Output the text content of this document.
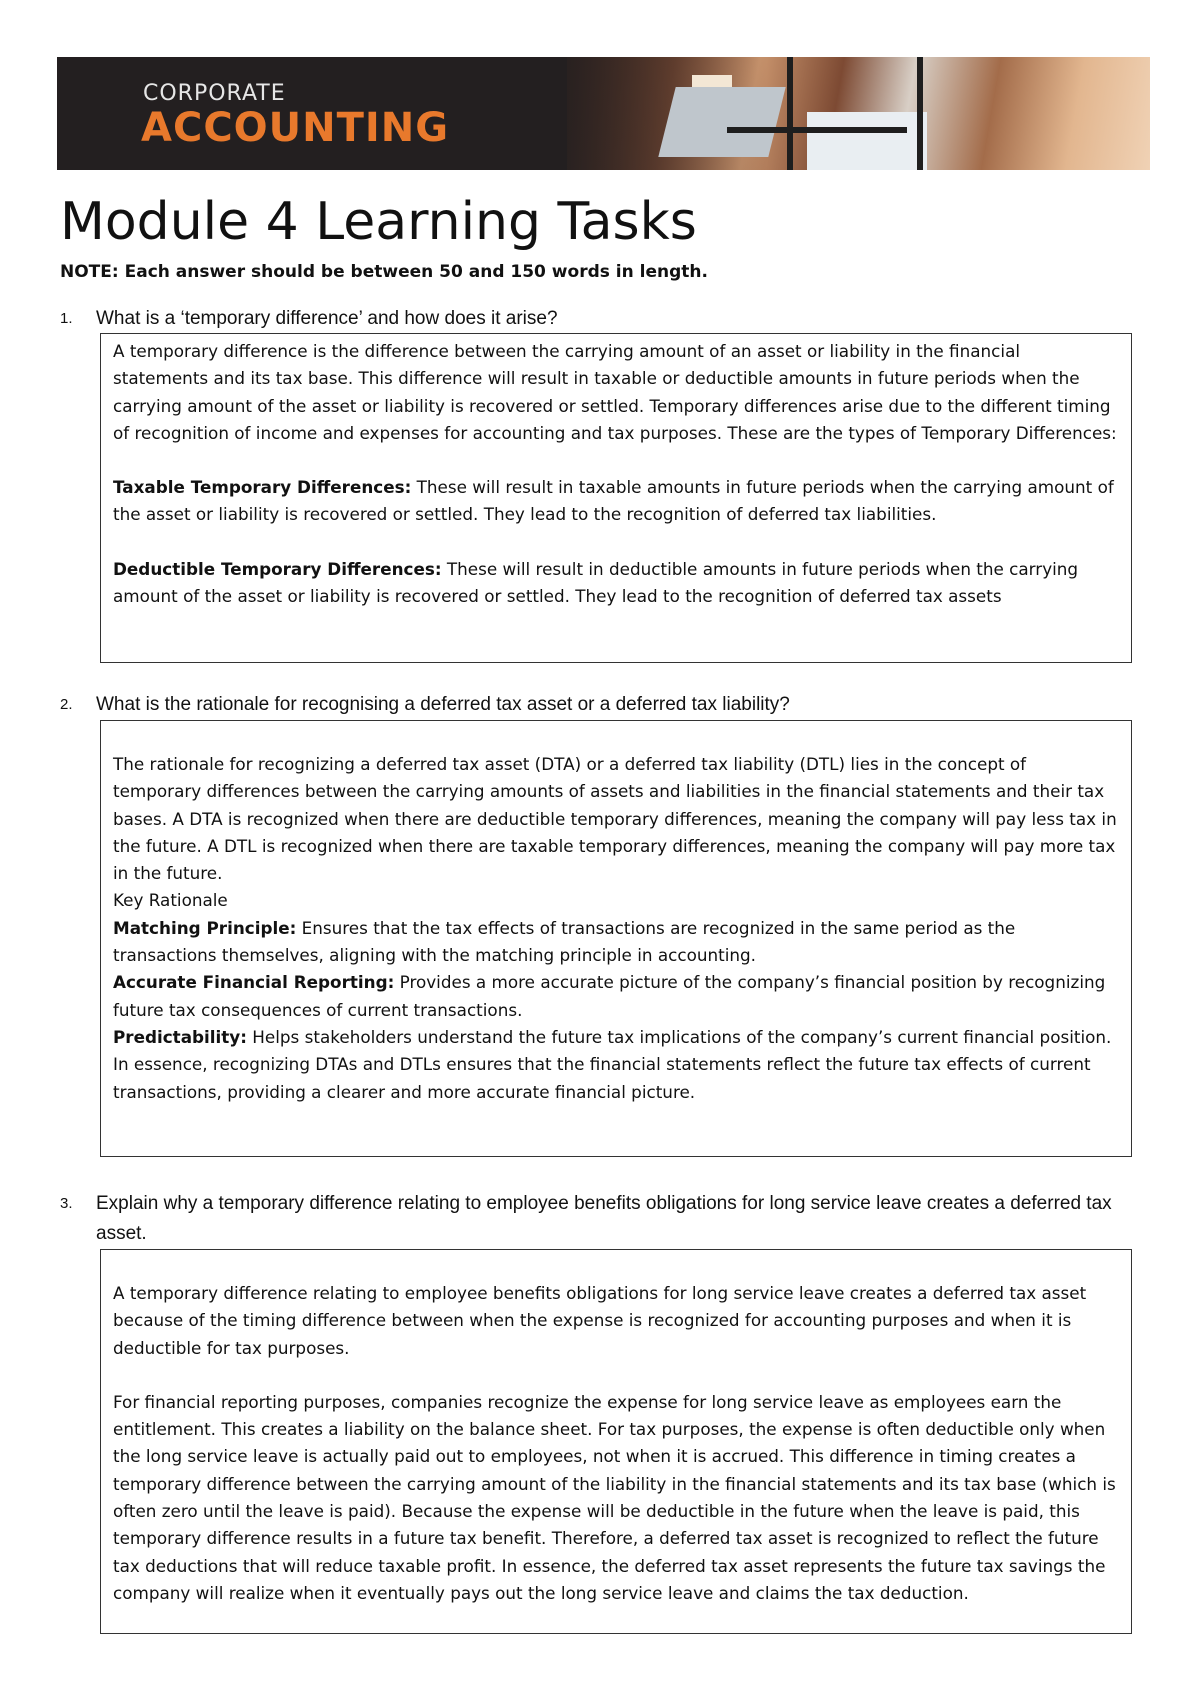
CORPORATE
ACCOUNTING
Module 4 Learning Tasks
NOTE: Each answer should be between 50 and 150 words in length.
1.	What is a ‘temporary difference’ and how does it arise?

A temporary difference is the difference between the carrying amount of an asset or liability in the financial statements and its tax base. This difference will result in taxable or deductible amounts in future periods when the carrying amount of the asset or liability is recovered or settled. Temporary differences arise due to the different timing of recognition of income and expenses for accounting and tax purposes. These are the types of Temporary Differences:

Taxable Temporary Differences: These will result in taxable amounts in future periods when the carrying amount of the asset or liability is recovered or settled. They lead to the recognition of deferred tax liabilities.

Deductible Temporary Differences: These will result in deductible amounts in future periods when the carrying amount of the asset or liability is recovered or settled. They lead to the recognition of deferred tax assets

2.	What is the rationale for recognising a deferred tax asset or a deferred tax liability?

The rationale for recognizing a deferred tax asset (DTA) or a deferred tax liability (DTL) lies in the concept of temporary differences between the carrying amounts of assets and liabilities in the financial statements and their tax bases. A DTA is recognized when there are deductible temporary differences, meaning the company will pay less tax in the future. A DTL is recognized when there are taxable temporary differences, meaning the company will pay more tax in the future.

Key Rationale

Matching Principle: Ensures that the tax effects of transactions are recognized in the same period as the transactions themselves, aligning with the matching principle in accounting.

Accurate Financial Reporting: Provides a more accurate picture of the company’s financial position by recognizing future tax consequences of current transactions.

Predictability: Helps stakeholders understand the future tax implications of the company’s current financial position.

In essence, recognizing DTAs and DTLs ensures that the financial statements reflect the future tax effects of current transactions, providing a clearer and more accurate financial picture.

3.	Explain why a temporary difference relating to employee benefits obligations for long service leave creates a deferred tax asset.

A temporary difference relating to employee benefits obligations for long service leave creates a deferred tax asset because of the timing difference between when the expense is recognized for accounting purposes and when it is deductible for tax purposes.

For financial reporting purposes, companies recognize the expense for long service leave as employees earn the entitlement. This creates a liability on the balance sheet. For tax purposes, the expense is often deductible only when the long service leave is actually paid out to employees, not when it is accrued. This difference in timing creates a temporary difference between the carrying amount of the liability in the financial statements and its tax base (which is often zero until the leave is paid). Because the expense will be deductible in the future when the leave is paid, this temporary difference results in a future tax benefit. Therefore, a deferred tax asset is recognized to reflect the future tax deductions that will reduce taxable profit. In essence, the deferred tax asset represents the future tax savings the company will realize when it eventually pays out the long service leave and claims the tax deduction.
